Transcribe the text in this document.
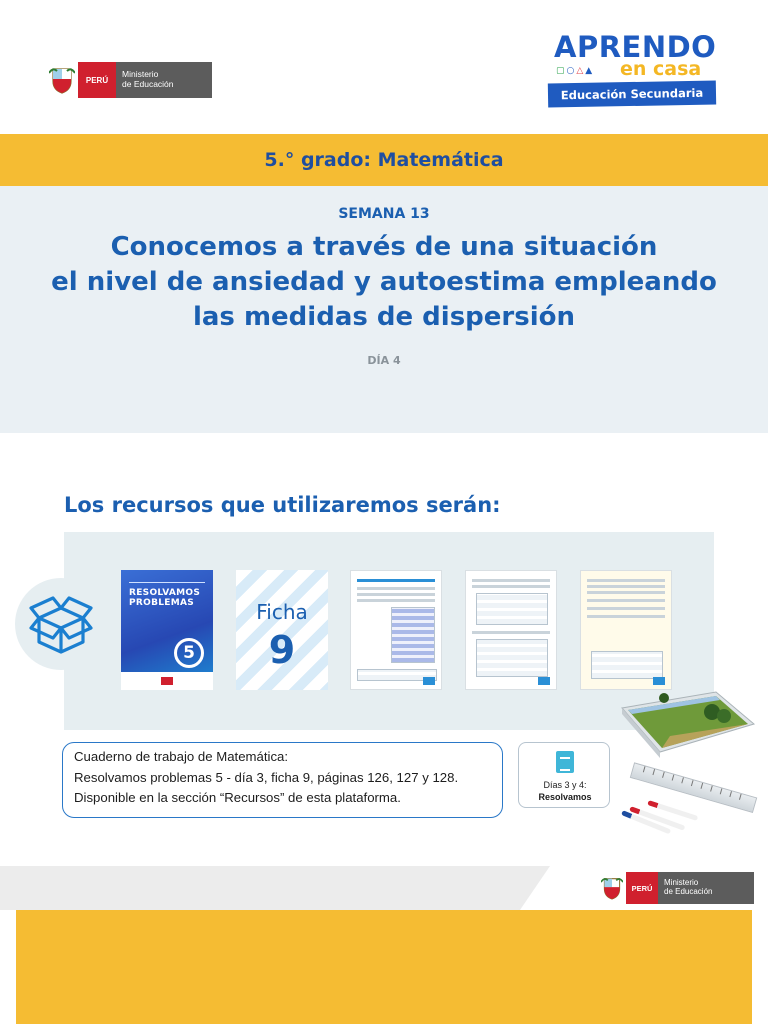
PERÚ
Ministerio
de Educación
APRENDO
▢○△▲ en casa
Educación Secundaria
5.° grado: Matemática
SEMANA 13
Conocemos a través de una situación
el nivel de ansiedad y autoestima empleando
las medidas de dispersión
DÍA 4
Los recursos que utilizaremos serán:
RESOLVAMOS
PROBLEMAS
5
Ficha
9

Cuaderno de trabajo de Matemática:

Resolvamos problemas 5 - día 3, ficha 9, páginas 126, 127 y 128.

Disponible en la sección “Recursos” de esta plataforma.

Días 3 y 4:
Resolvamos
PERÚ
Ministerio
de Educación
